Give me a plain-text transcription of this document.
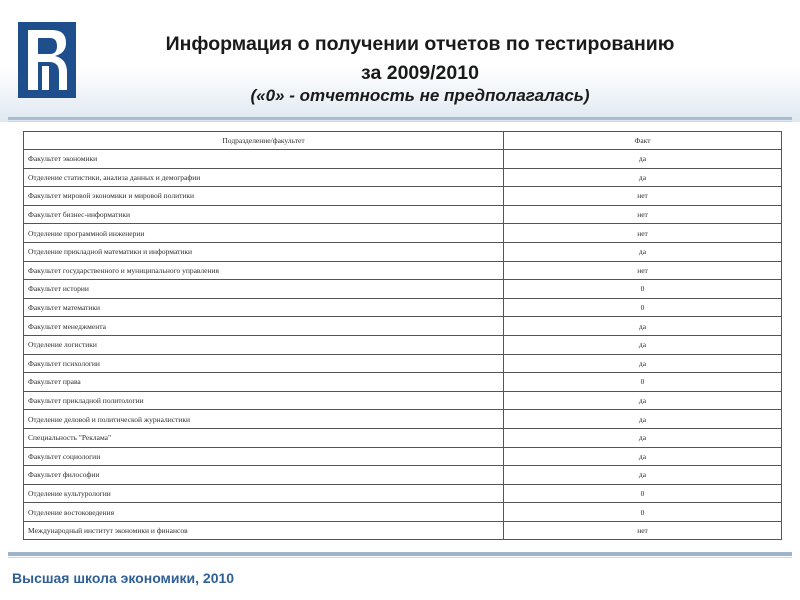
Информация о получении отчетов по тестированию
за 2009/2010
(«0» - отчетность не предполагалась)
Подразделение/факультет	Факт
Факультет экономики	да
Отделение статистики, анализа данных и демографии	да
Факультет мировой экономики и мировой политики	нет
Факультет бизнес-информатики	нет
Отделение программной инженерии	нет
Отделение прикладной математики и информатики	да
Факультет государственного и муниципального управления	нет
Факультет истории	0
Факультет математики	0
Факультет менеджмента	да
Отделение логистики	да
Факультет психологии	да
Факультет права	0
Факультет прикладной политологии	да
Отделение деловой и политической журналистики	да
Специальность "Реклама"	да
Факультет социологии	да
Факультет философии	да
Отделение культурологии	0
Отделение востоковедения	0
Международный институт экономики и финансов	нет
Высшая школа экономики, 2010
